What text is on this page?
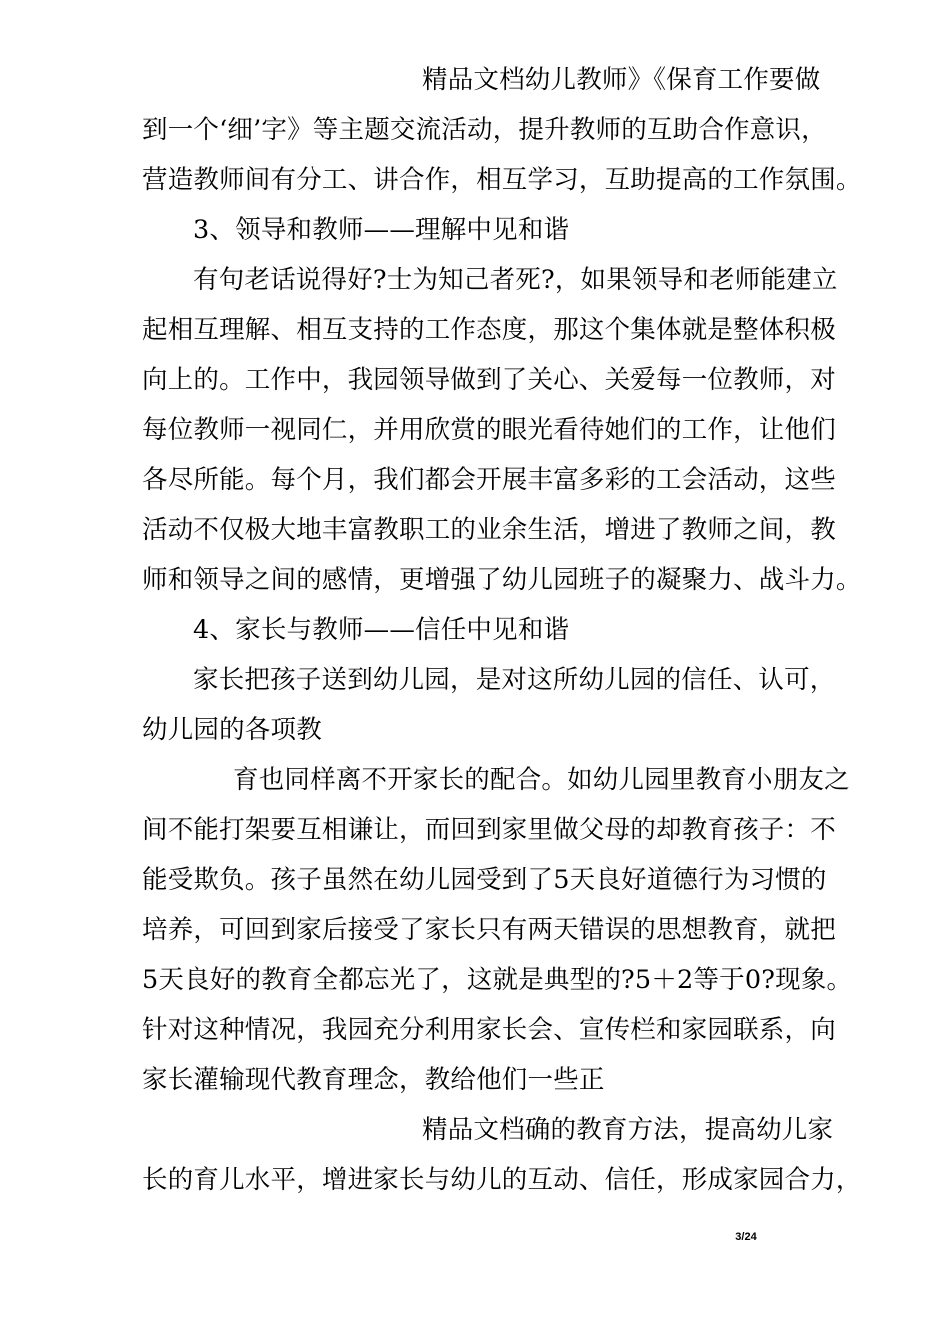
精品文档幼儿教师》《保育工作要做
到一个‘细’字》等主题交流活动，提升教师的互助合作意识，
营造教师间有分工、讲合作，相互学习，互助提高的工作氛围。
3、领导和教师——理解中见和谐
有句老话说得好?士为知己者死?，如果领导和老师能建立
起相互理解、相互支持的工作态度，那这个集体就是整体积极
向上的。工作中，我园领导做到了关心、关爱每一位教师，对
每位教师一视同仁，并用欣赏的眼光看待她们的工作，让他们
各尽所能。每个月，我们都会开展丰富多彩的工会活动，这些
活动不仅极大地丰富教职工的业余生活，增进了教师之间，教
师和领导之间的感情，更增强了幼儿园班子的凝聚力、战斗力。
4、家长与教师——信任中见和谐
家长把孩子送到幼儿园，是对这所幼儿园的信任、认可，
幼儿园的各项教
育也同样离不开家长的配合。如幼儿园里教育小朋友之
间不能打架要互相谦让，而回到家里做父母的却教育孩子：不
能受欺负。孩子虽然在幼儿园受到了5天良好道德行为习惯的
培养，可回到家后接受了家长只有两天错误的思想教育，就把
5天良好的教育全都忘光了，这就是典型的?5＋2等于0?现象。
针对这种情况，我园充分利用家长会、宣传栏和家园联系，向
家长灌输现代教育理念，教给他们一些正
精品文档确的教育方法，提高幼儿家
长的育儿水平，增进家长与幼儿的互动、信任，形成家园合力，
3/24
